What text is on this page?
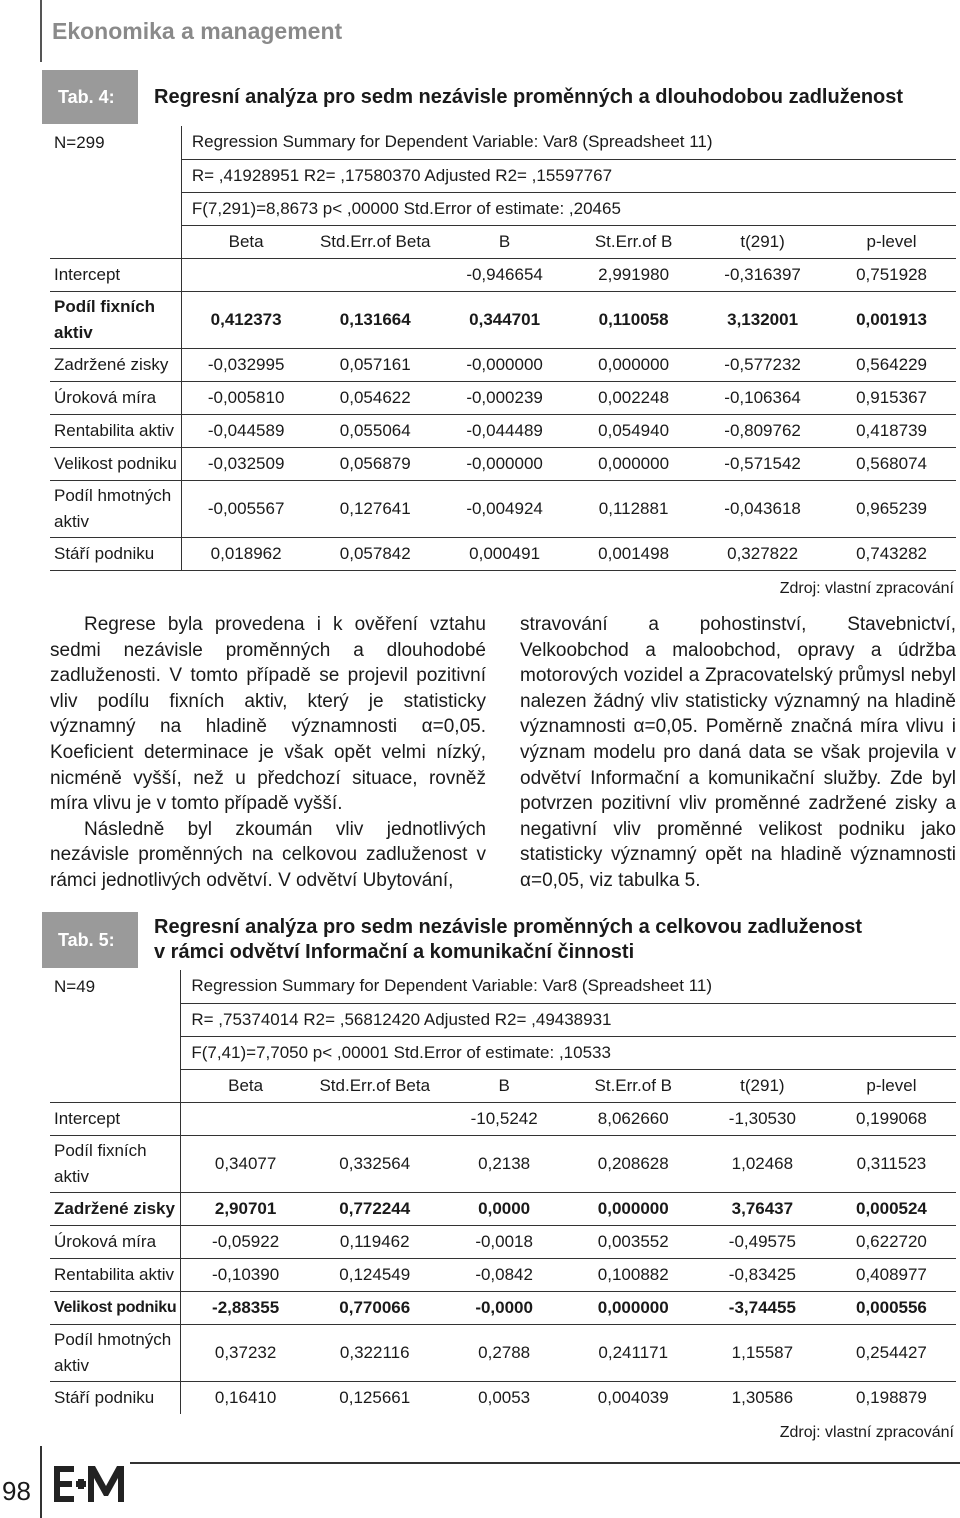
Ekonomika a management
Tab. 4:	Regresní analýza pro sedm nezávisle proměnných a dlouhodobou zadluženost
N=299	Regression Summary for Dependent Variable: Var8 (Spreadsheet 11)					
	R= ,41928951 R2= ,17580370 Adjusted R2= ,15597767					
	F(7,291)=8,8673 p< ,00000 Std.Error of estimate: ,20465					
	Beta	Std.Err.of Beta	B	St.Err.of B	t(291)	p-level
Intercept			-0,946654	2,991980	-0,316397	0,751928
Podíl fixních aktiv	0,412373	0,131664	0,344701	0,110058	3,132001	0,001913
Zadržené zisky	-0,032995	0,057161	-0,000000	0,000000	-0,577232	0,564229
Úroková míra	-0,005810	0,054622	-0,000239	0,002248	-0,106364	0,915367
Rentabilita aktiv	-0,044589	0,055064	-0,044489	0,054940	-0,809762	0,418739
Velikost podniku	-0,032509	0,056879	-0,000000	0,000000	-0,571542	0,568074
Podíl hmotných aktiv	-0,005567	0,127641	-0,004924	0,112881	-0,043618	0,965239
Stáří podniku	0,018962	0,057842	0,000491	0,001498	0,327822	0,743282
Zdroj: vlastní zpracování

Regrese byla provedena i k ověření vztahu sedmi nezávisle proměnných a dlouhodobé zadluženosti. V tomto případě se projevil pozitivní vliv podílu fixních aktiv, který je statisticky významný na hladině významnosti α=0,05. Koeficient determinace je však opět velmi nízký, nicméně vyšší, než u předchozí situace, rovněž míra vlivu je v tomto případě vyšší.

Následně byl zkoumán vliv jednotlivých nezávisle proměnných na celkovou zadluženost v rámci jednotlivých odvětví. V odvětví Ubytování,

stravování a pohostinství, Stavebnictví, Velkoobchod a maloobchod, opravy a údržba motorových vozidel a Zpracovatelský průmysl nebyl nalezen žádný vliv statisticky významný na hladině významnosti α=0,05. Poměrně značná míra vlivu i význam modelu pro daná data se však projevila v odvětví Informační a komunikační služby. Zde byl potvrzen pozitivní vliv proměnné zadržené zisky a negativní vliv proměnné velikost podniku jako statisticky významný opět na hladině významnosti α=0,05, viz tabulka 5.

Tab. 5:
Regresní analýza pro sedm nezávisle proměnných a celkovou zadluženost
v rámci odvětví Informační a komunikační činnosti
N=49	Regression Summary for Dependent Variable: Var8 (Spreadsheet 11)					
	R= ,75374014 R2= ,56812420 Adjusted R2= ,49438931					
	F(7,41)=7,7050 p< ,00001 Std.Error of estimate: ,10533					
	Beta	Std.Err.of Beta	B	St.Err.of B	t(291)	p-level
Intercept			-10,5242	8,062660	-1,30530	0,199068
Podíl fixních aktiv	0,34077	0,332564	0,2138	0,208628	1,02468	0,311523
Zadržené zisky	2,90701	0,772244	0,0000	0,000000	3,76437	0,000524
Úroková míra	-0,05922	0,119462	-0,0018	0,003552	-0,49575	0,622720
Rentabilita aktiv	-0,10390	0,124549	-0,0842	0,100882	-0,83425	0,408977
Velikost podniku	-2,88355	0,770066	-0,0000	0,000000	-3,74455	0,000556
Podíl hmotných aktiv	0,37232	0,322116	0,2788	0,241171	1,15587	0,254427
Stáří podniku	0,16410	0,125661	0,0053	0,004039	1,30586	0,198879
Zdroj: vlastní zpracování
98
